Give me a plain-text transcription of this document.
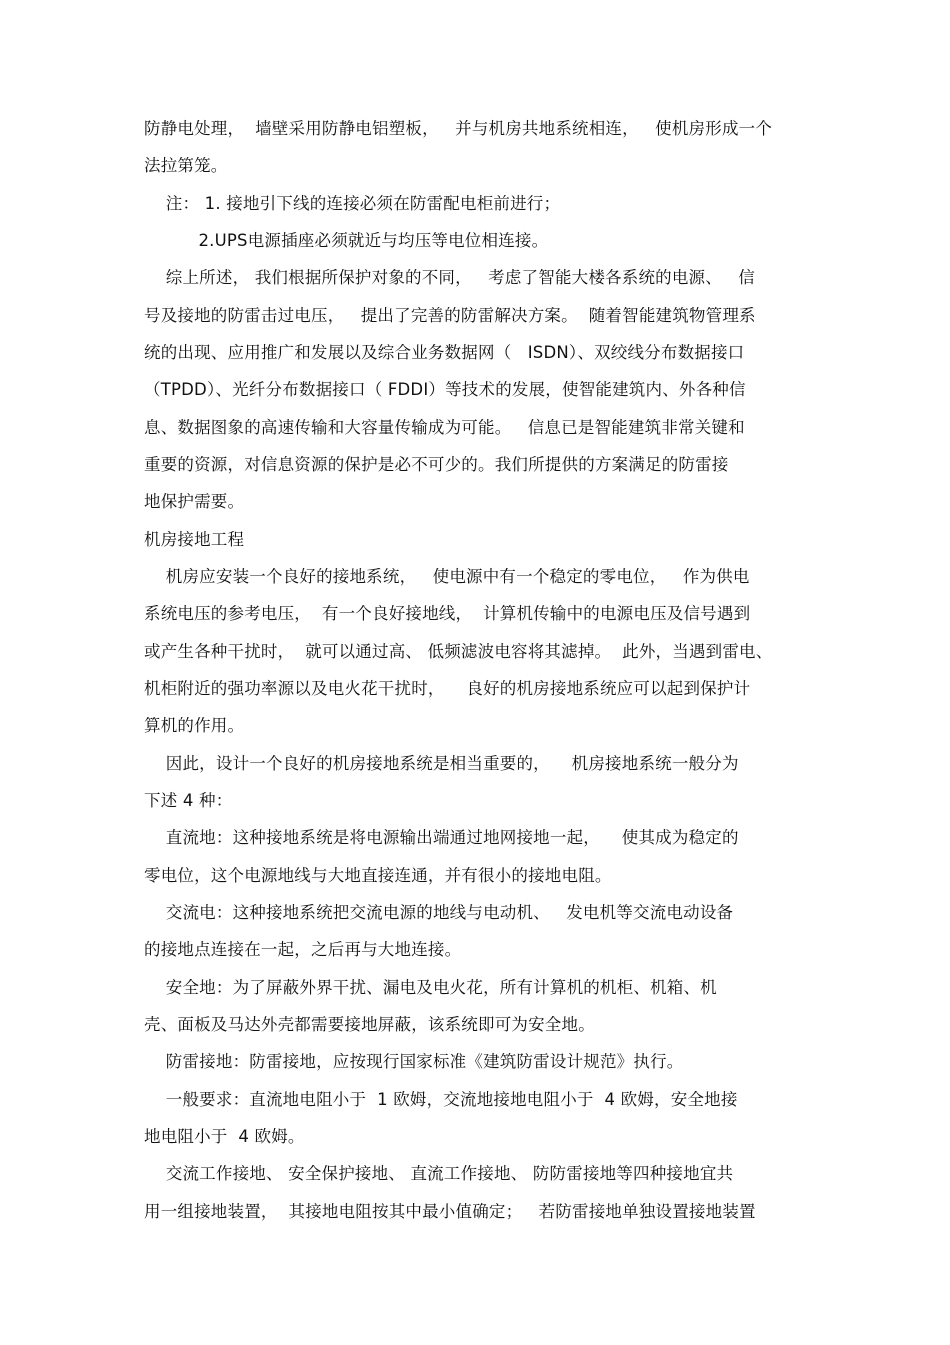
防静电处理，  墙壁采用防静电铝塑板，   并与机房共地系统相连，   使机房形成一个
法拉第笼。
注： 1. 接地引下线的连接必须在防雷配电柜前进行；
2.UPS电源插座必须就近与均压等电位相连接。
综上所述， 我们根据所保护对象的不同，   考虑了智能大楼各系统的电源、   信
号及接地的防雷击过电压，   提出了完善的防雷解决方案。  随着智能建筑物管理系
统的出现、应用推广和发展以及综合业务数据网（   ISDN）、双绞线分布数据接口
（TPDD）、光纤分布数据接口（ FDDI）等技术的发展，使智能建筑内、外各种信
息、数据图象的高速传输和大容量传输成为可能。   信息已是智能建筑非常关键和
重要的资源，对信息资源的保护是必不可少的。我们所提供的方案满足的防雷接
地保护需要。
机房接地工程
机房应安装一个良好的接地系统，   使电源中有一个稳定的零电位，   作为供电
系统电压的参考电压，  有一个良好接地线，  计算机传输中的电源电压及信号遇到
或产生各种干扰时，  就可以通过高、 低频滤波电容将其滤掉。  此外，当遇到雷电、
机柜附近的强功率源以及电火花干扰时，    良好的机房接地系统应可以起到保护计
算机的作用。
因此，设计一个良好的机房接地系统是相当重要的，    机房接地系统一般分为
下述 4 种：
直流地：这种接地系统是将电源输出端通过地网接地一起，    使其成为稳定的
零电位，这个电源地线与大地直接连通，并有很小的接地电阻。
交流电：这种接地系统把交流电源的地线与电动机、   发电机等交流电动设备
的接地点连接在一起，之后再与大地连接。
安全地：为了屏蔽外界干扰、漏电及电火花，所有计算机的机柜、机箱、机
壳、面板及马达外壳都需要接地屏蔽，该系统即可为安全地。
防雷接地：防雷接地，应按现行国家标准《建筑防雷设计规范》执行。
一般要求：直流地电阻小于  1 欧姆，交流地接地电阻小于  4 欧姆，安全地接
地电阻小于  4 欧姆。
交流工作接地、 安全保护接地、 直流工作接地、 防防雷接地等四种接地宜共
用一组接地装置，  其接地电阻按其中最小值确定；   若防雷接地单独设置接地装置
